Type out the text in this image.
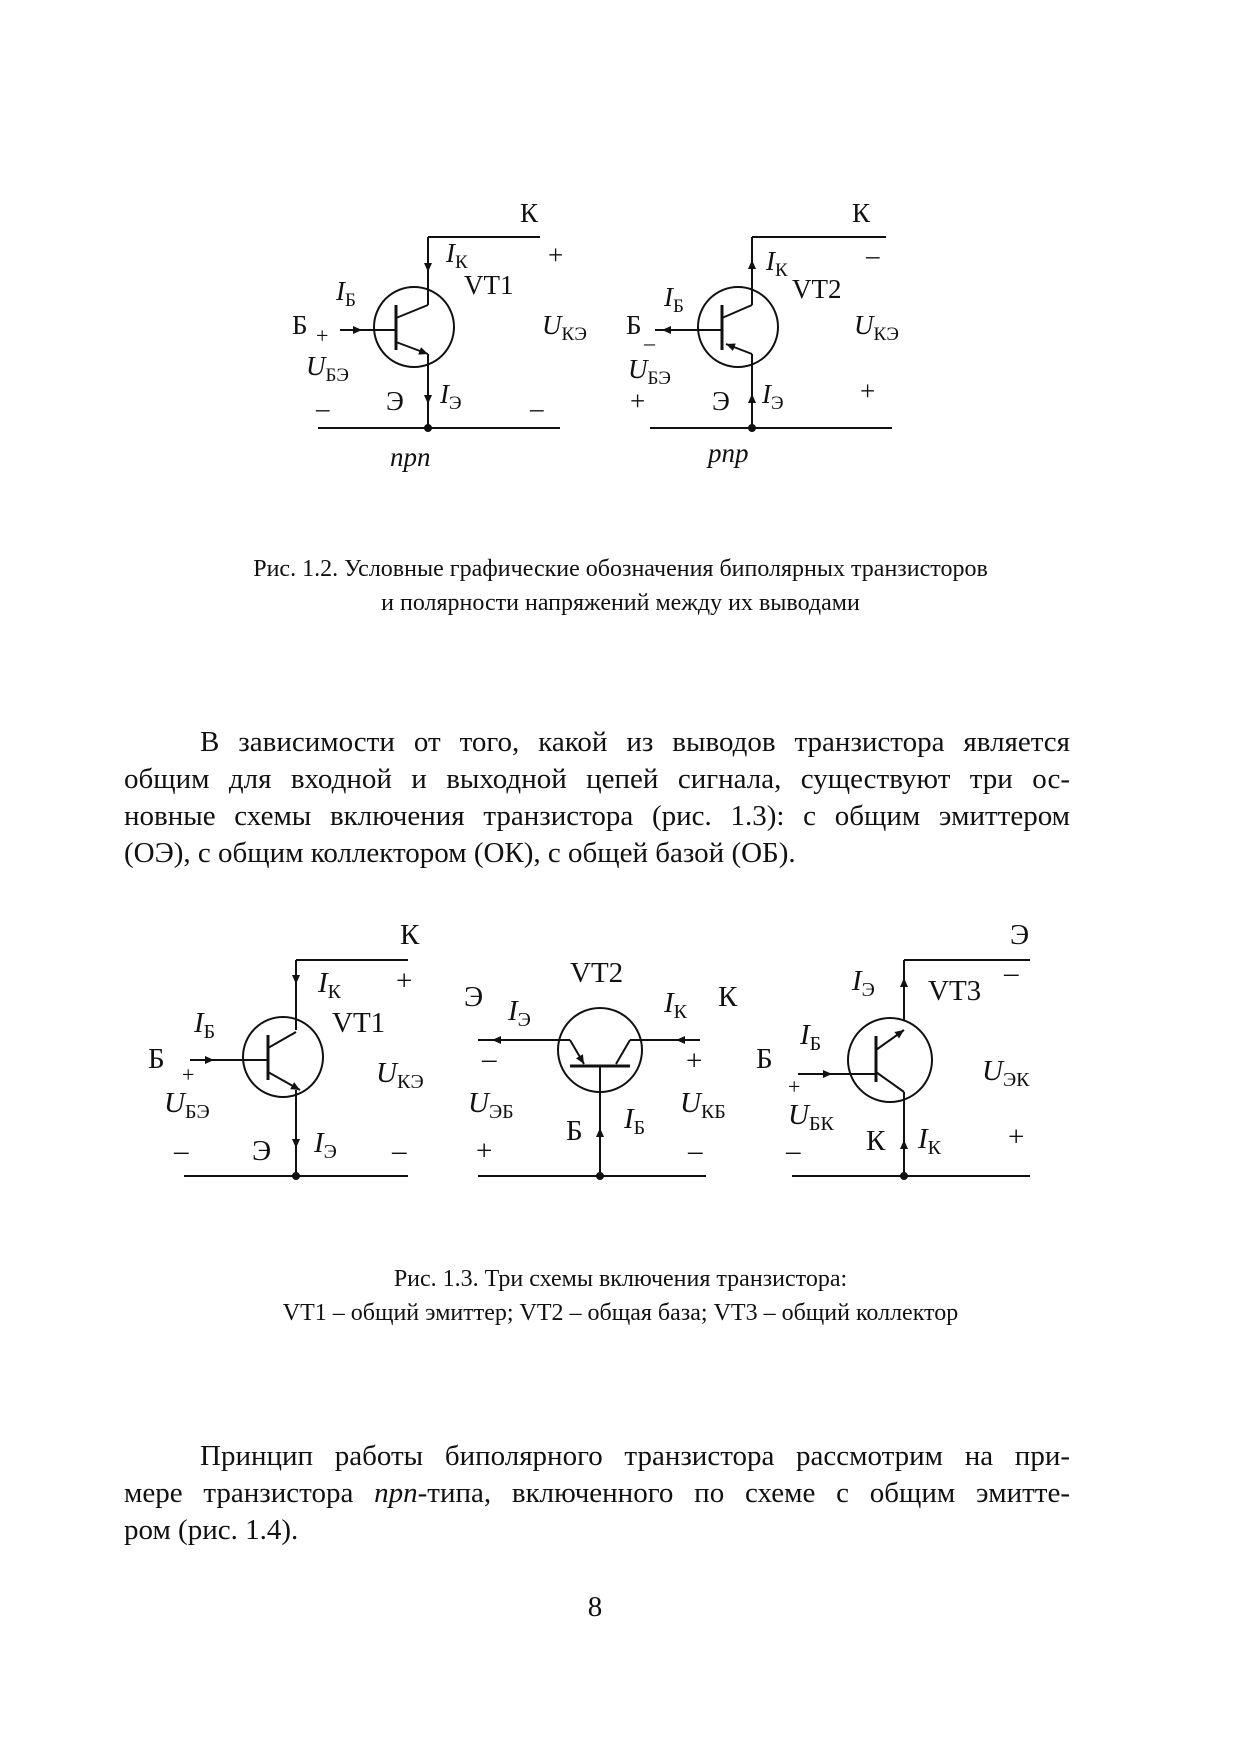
К
$I_К$	+
VT1
$I_Б$
Б +	$U_{КЭ}$
$U_{БЭ}$
Э $I_Э$
–	–
npn
К
$I_К$
–
VT2
$I_Б$
Б
–
$U_{КЭ}$
$U_{БЭ}$
Э $I_Э$
+	+
pnp

Рис. 1.2. Условные графические обозначения биполярных транзисторов
и полярности напряжений между их выводами

В зависимости от того, какой из выводов транзистора является
общим для входной и выходной цепей сигнала, существуют три ос-
новные схемы включения транзистора (рис. 1.3): с общим эмиттером
(ОЭ), с общим коллектором (ОК), с общей базой (ОБ).

К
$I_К$ +
VT1
$I_Б$
Б +	$U_{КЭ}$
$U_{БЭ}$
– Э $I_Э$ –
VT2
Э $I_Э$
$I_К$ К
–	+
$U_{ЭБ}$	$U_{КБ}$
Б $I_Б$
+	–
Э
–
$I_Э$ VT3
$I_Б$
Б
+	$U_{ЭК}$
$U_{БК}$
К $I_К$
–	+

Рис. 1.3. Три схемы включения транзистора:
VT1 – общий эмиттер; VT2 – общая база; VT3 – общий коллектор

Принцип работы биполярного транзистора рассмотрим на при-
мере транзистора npn-типа, включенного по схеме с общим эмитте-
ром (рис. 1.4).

8
